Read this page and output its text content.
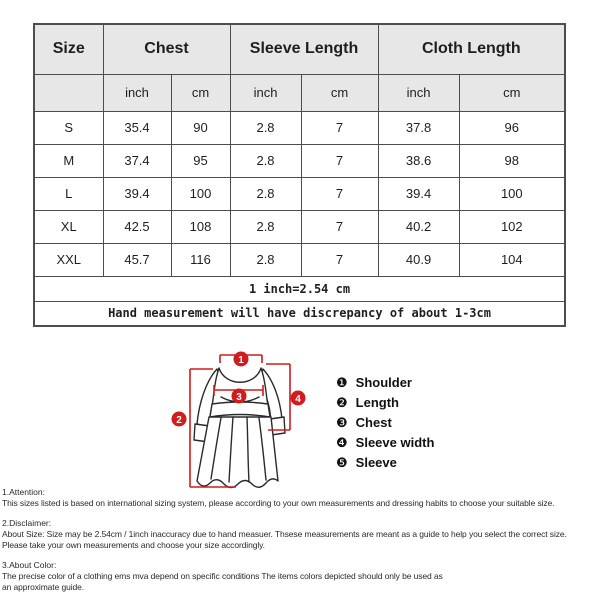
Size	Chest		Sleeve Length		Cloth Length	
	inch	cm	inch	cm	inch	cm
S	35.4	90	2.8	7	37.8	96
M	37.4	95	2.8	7	38.6	98
L	39.4	100	2.8	7	39.4	100
XL	42.5	108	2.8	7	40.2	102
XXL	45.7	116	2.8	7	40.9	104
1 inch=2.54 cm						
Hand measurement will have discrepancy of about 1-3cm						
1
2
3	4
❶ Shoulder
❷ Length
❸ Chest
❹ Sleeve width
❺ Sleeve
1.Attention:
This sizes listed is based on international sizing system, please according to your own measurements and dressing habits to choose your suitable size.
2.Disclaimer:
About Size: Size may be 2.54cm / 1inch inaccuracy due to hand measuer. Thsese measurements are meant as a guide to help you select the correct size.
Please take your own measurements and choose your size accordingly.
3.About Color:
The precise color of a clothing ems mva depend on specific conditions The items colors depicted should only be used as
an approximate guide.
